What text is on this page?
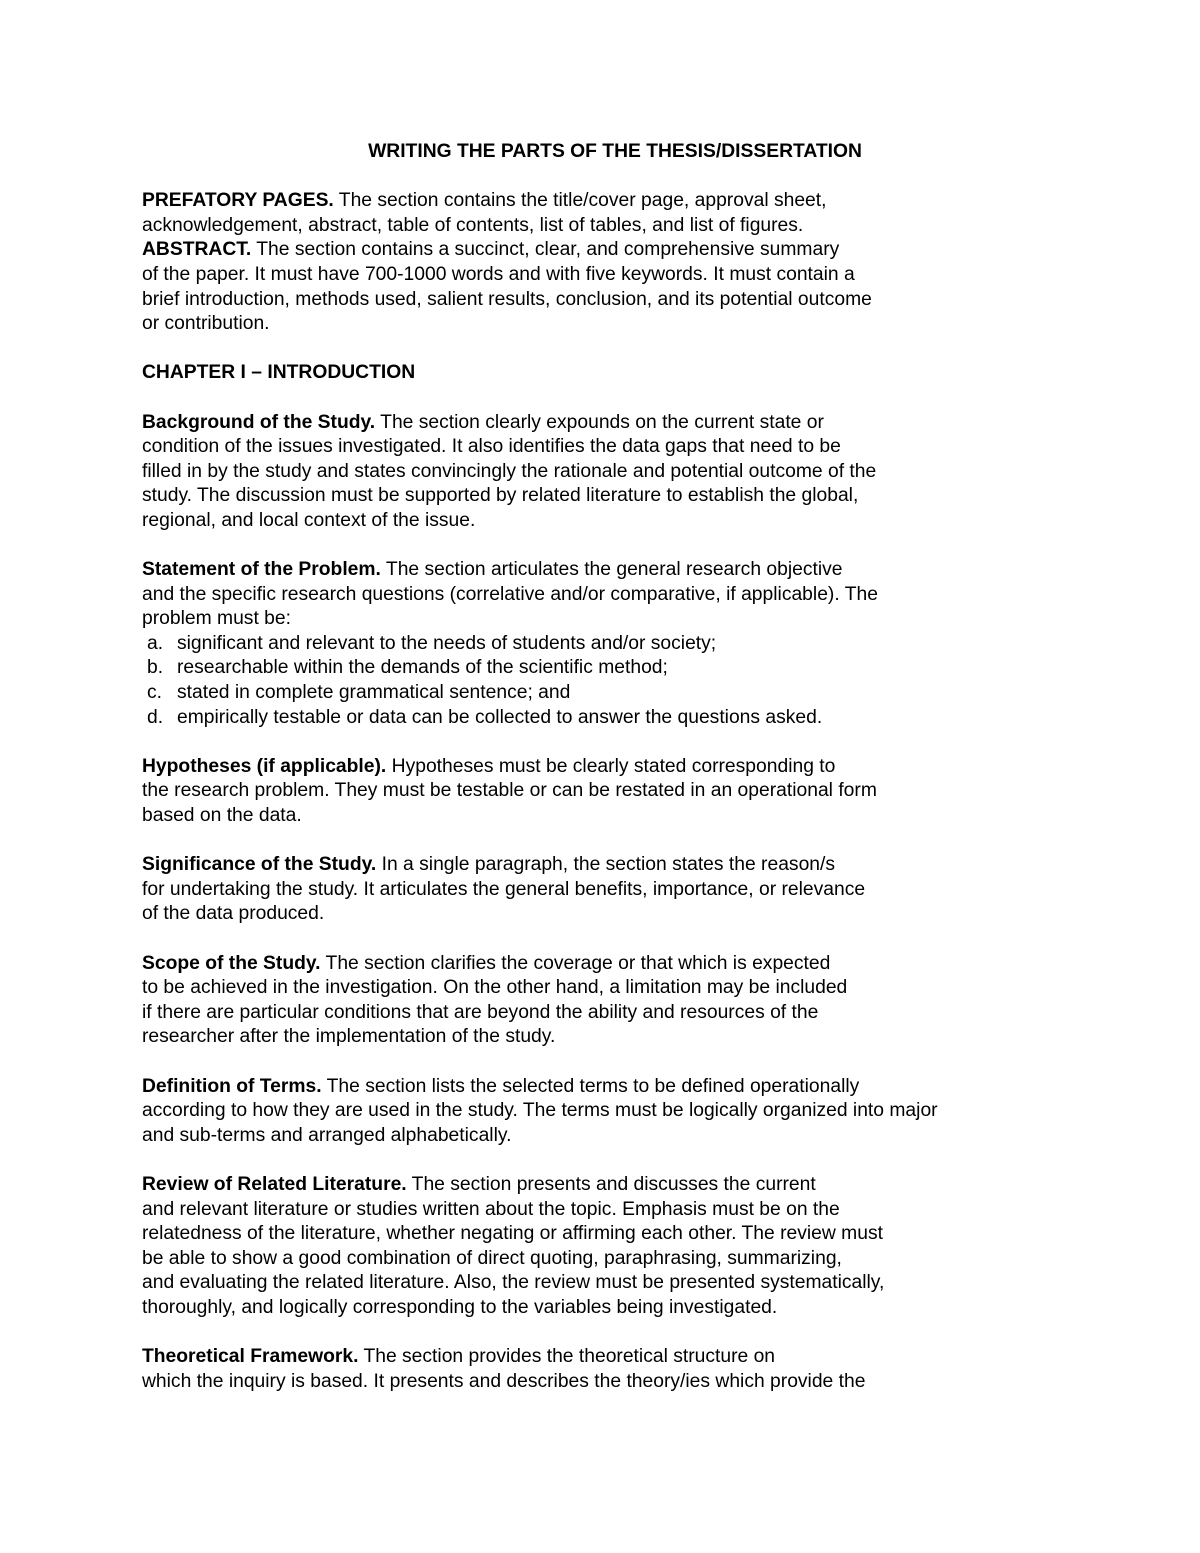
WRITING THE PARTS OF THE THESIS/DISSERTATION
PREFATORY PAGES. The section contains the title/cover page, approval sheet,
acknowledgement, abstract, table of contents, list of tables, and list of figures.
ABSTRACT. The section contains a succinct, clear, and comprehensive summary
of the paper. It must have 700-1000 words and with five keywords. It must contain a
brief introduction, methods used, salient results, conclusion, and its potential outcome
or contribution.
CHAPTER I – INTRODUCTION
Background of the Study. The section clearly expounds on the current state or
condition of the issues investigated. It also identifies the data gaps that need to be
filled in by the study and states convincingly the rationale and potential outcome of the
study. The discussion must be supported by related literature to establish the global,
regional, and local context of the issue.
Statement of the Problem. The section articulates the general research objective
and the specific research questions (correlative and/or comparative, if applicable). The
problem must be:
a. significant and relevant to the needs of students and/or society;
b. researchable within the demands of the scientific method;
c. stated in complete grammatical sentence; and
d. empirically testable or data can be collected to answer the questions asked.
Hypotheses (if applicable). Hypotheses must be clearly stated corresponding to
the research problem. They must be testable or can be restated in an operational form
based on the data.
Significance of the Study. In a single paragraph, the section states the reason/s
for undertaking the study. It articulates the general benefits, importance, or relevance
of the data produced.
Scope of the Study. The section clarifies the coverage or that which is expected
to be achieved in the investigation. On the other hand, a limitation may be included
if there are particular conditions that are beyond the ability and resources of the
researcher after the implementation of the study.
Definition of Terms. The section lists the selected terms to be defined operationally
according to how they are used in the study. The terms must be logically organized into major
and sub-terms and arranged alphabetically.
Review of Related Literature. The section presents and discusses the current
and relevant literature or studies written about the topic. Emphasis must be on the
relatedness of the literature, whether negating or affirming each other. The review must
be able to show a good combination of direct quoting, paraphrasing, summarizing,
and evaluating the related literature. Also, the review must be presented systematically,
thoroughly, and logically corresponding to the variables being investigated.
Theoretical Framework. The section provides the theoretical structure on
which the inquiry is based. It presents and describes the theory/ies which provide the
